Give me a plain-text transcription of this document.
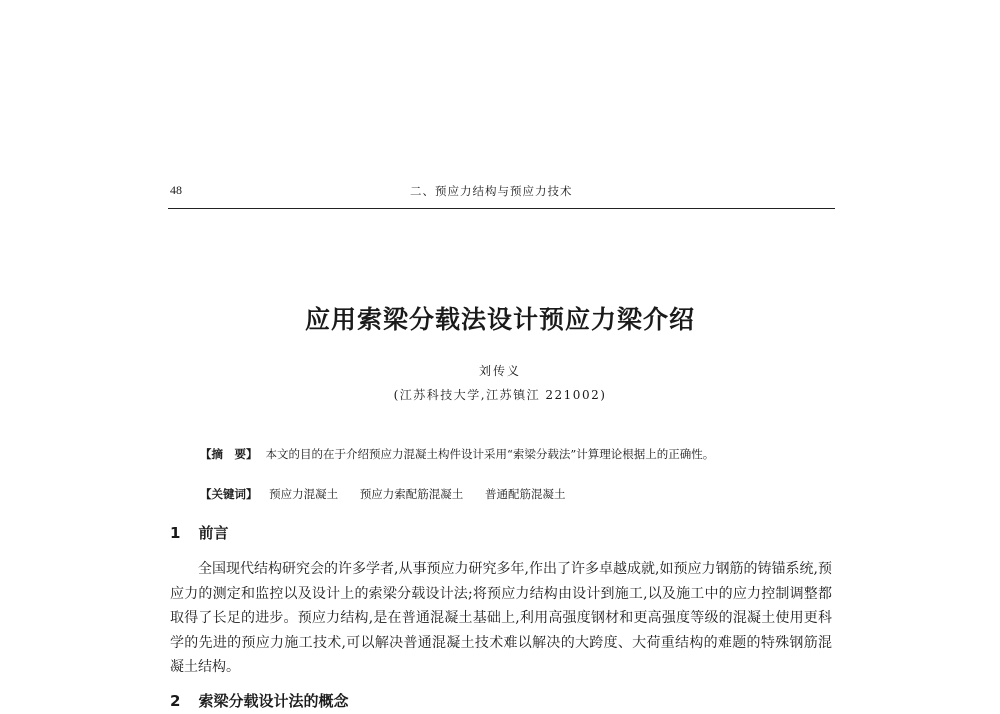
48	二、预应力结构与预应力技术
应用索梁分载法设计预应力梁介绍
刘传义
(江苏科技大学,江苏镇江 221002)
【摘　要】 本文的目的在于介绍预应力混凝土构件设计采用“索梁分载法”计算理论根据上的正确性。
【关键词】 预应力混凝土 预应力索配筋混凝土 普通配筋混凝土
1 前言
全国现代结构研究会的许多学者,从事预应力研究多年,作出了许多卓越成就,如预应力钢筋的铸锚系统,预应力的测定和监控以及设计上的索梁分载设计法;将预应力结构由设计到施工,以及施工中的应力控制调整都取得了长足的进步。预应力结构,是在普通混凝土基础上,利用高强度钢材和更高强度等级的混凝土使用更科学的先进的预应力施工技术,可以解决普通混凝土技术难以解决的大跨度、大荷重结构的难题的特殊钢筋混凝土结构。
2 索梁分载设计法的概念
